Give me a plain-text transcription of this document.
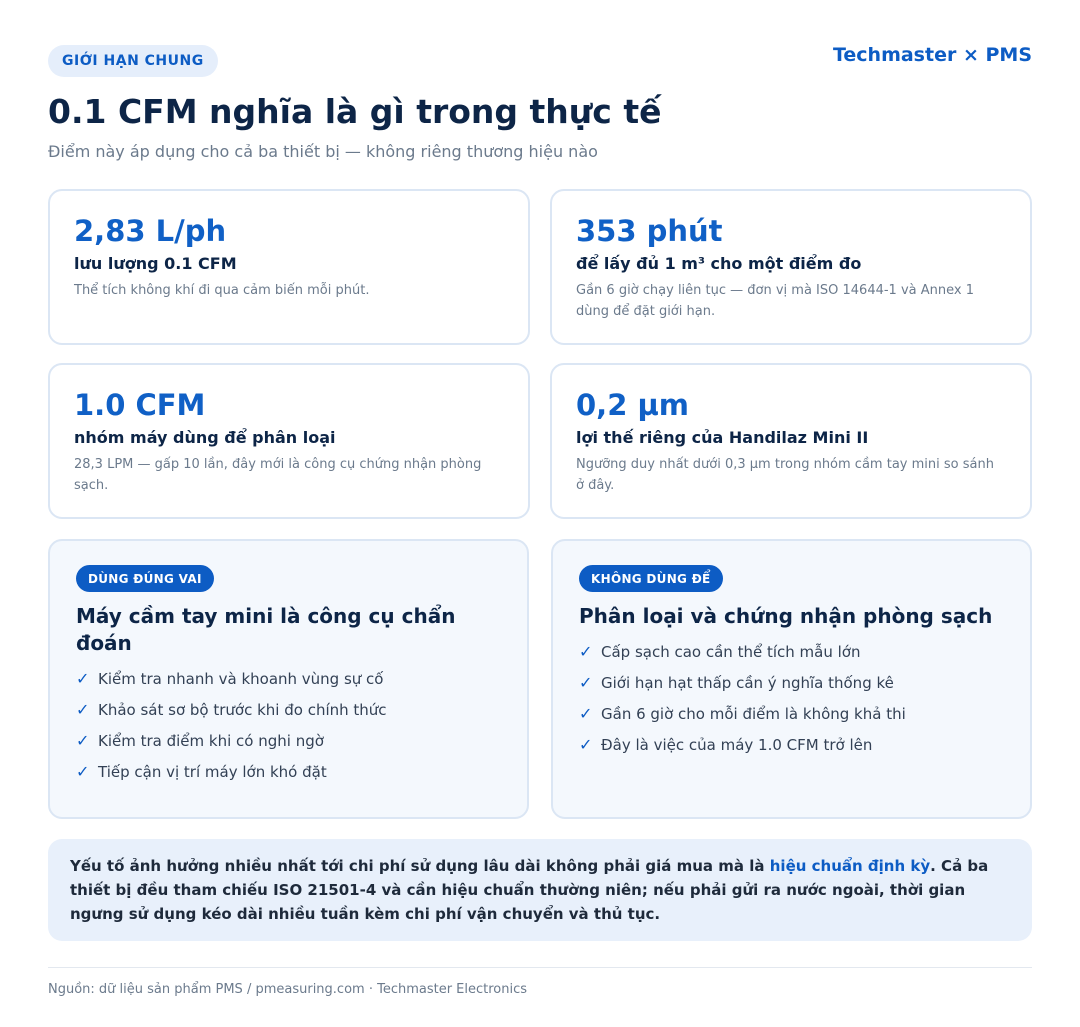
GIỚI HẠN CHUNG	Techmaster × PMS
0.1 CFM nghĩa là gì trong thực tế
Điểm này áp dụng cho cả ba thiết bị — không riêng thương hiệu nào
2,83 L/ph
lưu lượng 0.1 CFM
Thể tích không khí đi qua cảm biến mỗi phút.
353 phút
để lấy đủ 1 m³ cho một điểm đo
Gần 6 giờ chạy liên tục — đơn vị mà ISO 14644-1 và Annex 1 dùng để đặt giới hạn.
1.0 CFM
nhóm máy dùng để phân loại
28,3 LPM — gấp 10 lần, đây mới là công cụ chứng nhận phòng sạch.
0,2 µm
lợi thế riêng của Handilaz Mini II
Ngưỡng duy nhất dưới 0,3 µm trong nhóm cầm tay mini so sánh ở đây.
DÙNG ĐÚNG VAI
Máy cầm tay mini là công cụ chẩn đoán
✓ Kiểm tra nhanh và khoanh vùng sự cố
✓ Khảo sát sơ bộ trước khi đo chính thức
✓ Kiểm tra điểm khi có nghi ngờ
✓ Tiếp cận vị trí máy lớn khó đặt
KHÔNG DÙNG ĐỂ
Phân loại và chứng nhận phòng sạch
✓ Cấp sạch cao cần thể tích mẫu lớn
✓ Giới hạn hạt thấp cần ý nghĩa thống kê
✓ Gần 6 giờ cho mỗi điểm là không khả thi
✓ Đây là việc của máy 1.0 CFM trở lên
Yếu tố ảnh hưởng nhiều nhất tới chi phí sử dụng lâu dài không phải giá mua mà là hiệu chuẩn định kỳ. Cả ba thiết bị đều tham chiếu ISO 21501-4 và cần hiệu chuẩn thường niên; nếu phải gửi ra nước ngoài, thời gian ngưng sử dụng kéo dài nhiều tuần kèm chi phí vận chuyển và thủ tục.
Nguồn: dữ liệu sản phẩm PMS / pmeasuring.com · Techmaster Electronics
